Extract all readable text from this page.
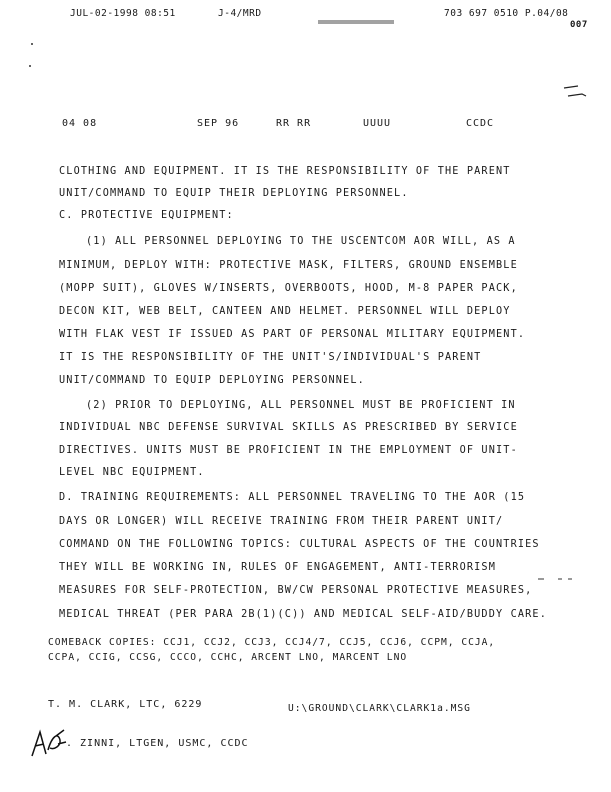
JUL-02-1998 08:51	J-4/MRD	703 697 0510 P.04/08
007
04 08	SEP 96	RR RR	UUUU	CCDC
CLOTHING AND EQUIPMENT. IT IS THE RESPONSIBILITY OF THE PARENT
UNIT/COMMAND TO EQUIP THEIR DEPLOYING PERSONNEL.
C. PROTECTIVE EQUIPMENT:
(1) ALL PERSONNEL DEPLOYING TO THE USCENTCOM AOR WILL, AS A
MINIMUM, DEPLOY WITH: PROTECTIVE MASK, FILTERS, GROUND ENSEMBLE
(MOPP SUIT), GLOVES W/INSERTS, OVERBOOTS, HOOD, M-8 PAPER PACK,
DECON KIT, WEB BELT, CANTEEN AND HELMET. PERSONNEL WILL DEPLOY
WITH FLAK VEST IF ISSUED AS PART OF PERSONAL MILITARY EQUIPMENT.
IT IS THE RESPONSIBILITY OF THE UNIT'S/INDIVIDUAL'S PARENT
UNIT/COMMAND TO EQUIP DEPLOYING PERSONNEL.
(2) PRIOR TO DEPLOYING, ALL PERSONNEL MUST BE PROFICIENT IN
INDIVIDUAL NBC DEFENSE SURVIVAL SKILLS AS PRESCRIBED BY SERVICE
DIRECTIVES. UNITS MUST BE PROFICIENT IN THE EMPLOYMENT OF UNIT-
LEVEL NBC EQUIPMENT.
D. TRAINING REQUIREMENTS: ALL PERSONNEL TRAVELING TO THE AOR (15
DAYS OR LONGER) WILL RECEIVE TRAINING FROM THEIR PARENT UNIT/
COMMAND ON THE FOLLOWING TOPICS: CULTURAL ASPECTS OF THE COUNTRIES
THEY WILL BE WORKING IN, RULES OF ENGAGEMENT, ANTI-TERRORISM
MEASURES FOR SELF-PROTECTION, BW/CW PERSONAL PROTECTIVE MEASURES,
MEDICAL THREAT (PER PARA 2B(1)(C)) AND MEDICAL SELF-AID/BUDDY CARE.
COMEBACK COPIES: CCJ1, CCJ2, CCJ3, CCJ4/7, CCJ5, CCJ6, CCPM, CCJA,
CCPA, CCIG, CCSG, CCCO, CCHC, ARCENT LNO, MARCENT LNO
T. M. CLARK, LTC, 6229	U:\GROUND\CLARK\CLARK1a.MSG
. ZINNI, LTGEN, USMC, CCDC
